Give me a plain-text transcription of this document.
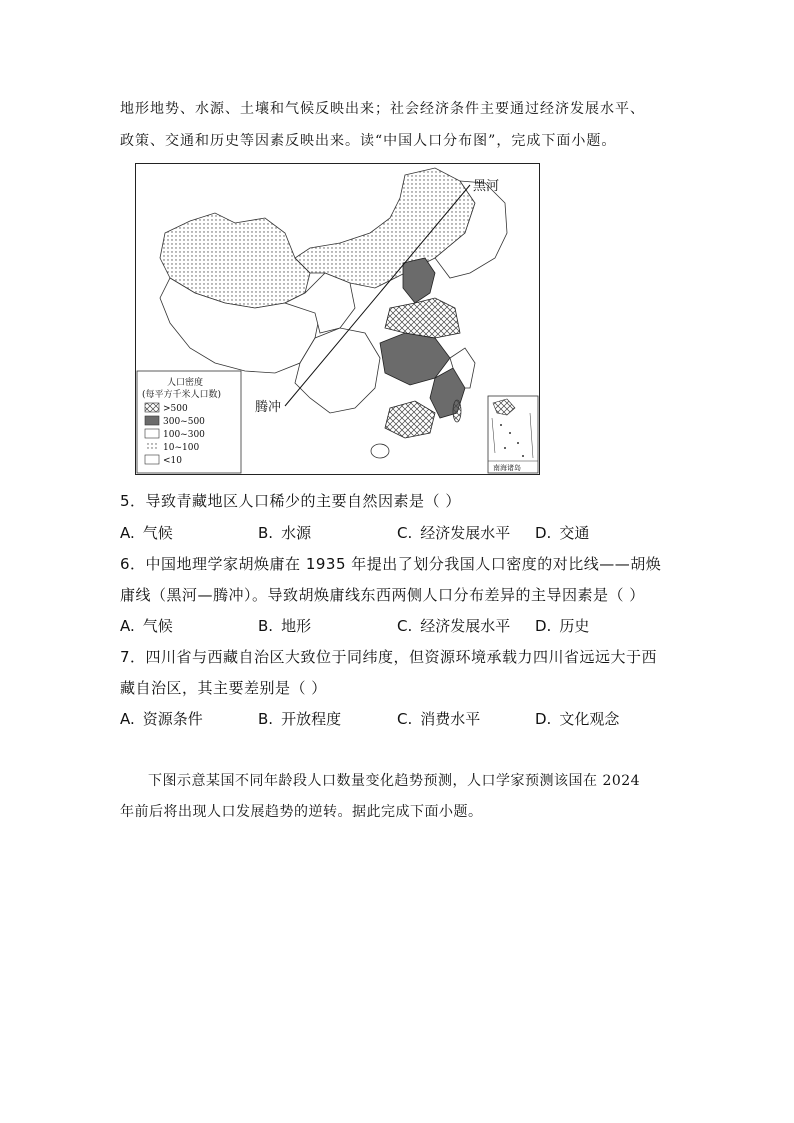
地形地势、水源、土壤和气候反映出来；社会经济条件主要通过经济发展水平、
政策、交通和历史等因素反映出来。读“中国人口分布图”，完成下面小题。
黑河
腾冲
人口密度
(每平方千米人口数)
>500
300~500
100~300
10~100
<10
南海诸岛
5．导致青藏地区人口稀少的主要自然因素是（ ）
A. 气候	B. 水源	C. 经济发展水平 D. 交通
6．中国地理学家胡焕庸在 1935 年提出了划分我国人口密度的对比线——胡焕
庸线（黑河—腾冲）。导致胡焕庸线东西两侧人口分布差异的主导因素是（ ）
A. 气候	B. 地形	C. 经济发展水平 D. 历史
7．四川省与西藏自治区大致位于同纬度，但资源环境承载力四川省远远大于西
藏自治区，其主要差别是（ ）
A. 资源条件	B. 开放程度	C. 消费水平	D. 文化观念
下图示意某国不同年龄段人口数量变化趋势预测，人口学家预测该国在 2024
年前后将出现人口发展趋势的逆转。据此完成下面小题。
